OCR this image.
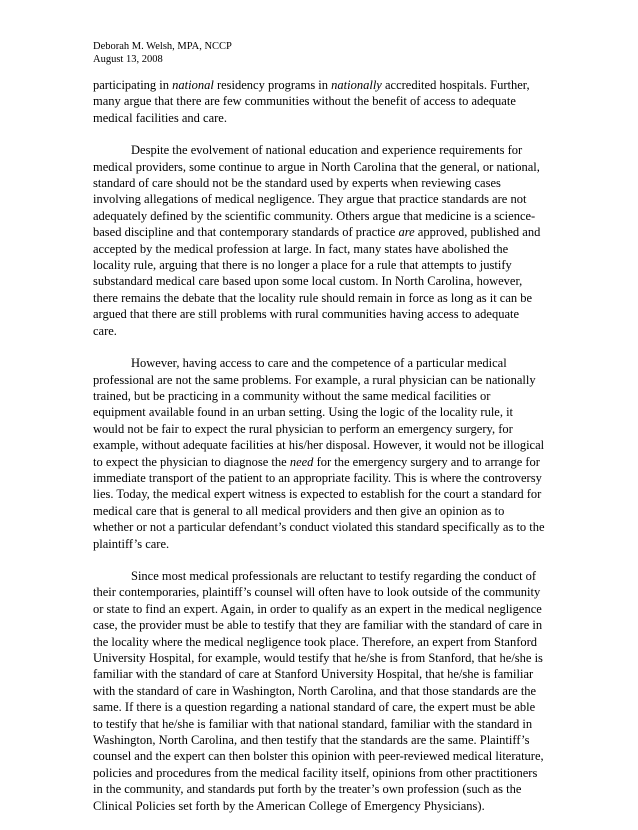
Deborah M. Welsh, MPA, NCCP
August 13, 2008

participating in national residency programs in nationally accredited hospitals. Further, many argue that there are few communities without the benefit of access to adequate medical facilities and care.

Despite the evolvement of national education and experience requirements for medical providers, some continue to argue in North Carolina that the general, or national, standard of care should not be the standard used by experts when reviewing cases involving allegations of medical negligence. They argue that practice standards are not adequately defined by the scientific community. Others argue that medicine is a science-based discipline and that contemporary standards of practice are approved, published and accepted by the medical profession at large. In fact, many states have abolished the locality rule, arguing that there is no longer a place for a rule that attempts to justify substandard medical care based upon some local custom. In North Carolina, however, there remains the debate that the locality rule should remain in force as long as it can be argued that there are still problems with rural communities having access to adequate care.

However, having access to care and the competence of a particular medical professional are not the same problems. For example, a rural physician can be nationally trained, but be practicing in a community without the same medical facilities or equipment available found in an urban setting. Using the logic of the locality rule, it would not be fair to expect the rural physician to perform an emergency surgery, for example, without adequate facilities at his/her disposal. However, it would not be illogical to expect the physician to diagnose the need for the emergency surgery and to arrange for immediate transport of the patient to an appropriate facility. This is where the controversy lies. Today, the medical expert witness is expected to establish for the court a standard for medical care that is general to all medical providers and then give an opinion as to whether or not a particular defendant’s conduct violated this standard specifically as to the plaintiff’s care.

Since most medical professionals are reluctant to testify regarding the conduct of their contemporaries, plaintiff’s counsel will often have to look outside of the community or state to find an expert. Again, in order to qualify as an expert in the medical negligence case, the provider must be able to testify that they are familiar with the standard of care in the locality where the medical negligence took place. Therefore, an expert from Stanford University Hospital, for example, would testify that he/she is from Stanford, that he/she is familiar with the standard of care at Stanford University Hospital, that he/she is familiar with the standard of care in Washington, North Carolina, and that those standards are the same. If there is a question regarding a national standard of care, the expert must be able to testify that he/she is familiar with that national standard, familiar with the standard in Washington, North Carolina, and then testify that the standards are the same. Plaintiff’s counsel and the expert can then bolster this opinion with peer-reviewed medical literature, policies and procedures from the medical facility itself, opinions from other practitioners in the community, and standards put forth by the treater’s own profession (such as the Clinical Policies set forth by the American College of Emergency Physicians).
